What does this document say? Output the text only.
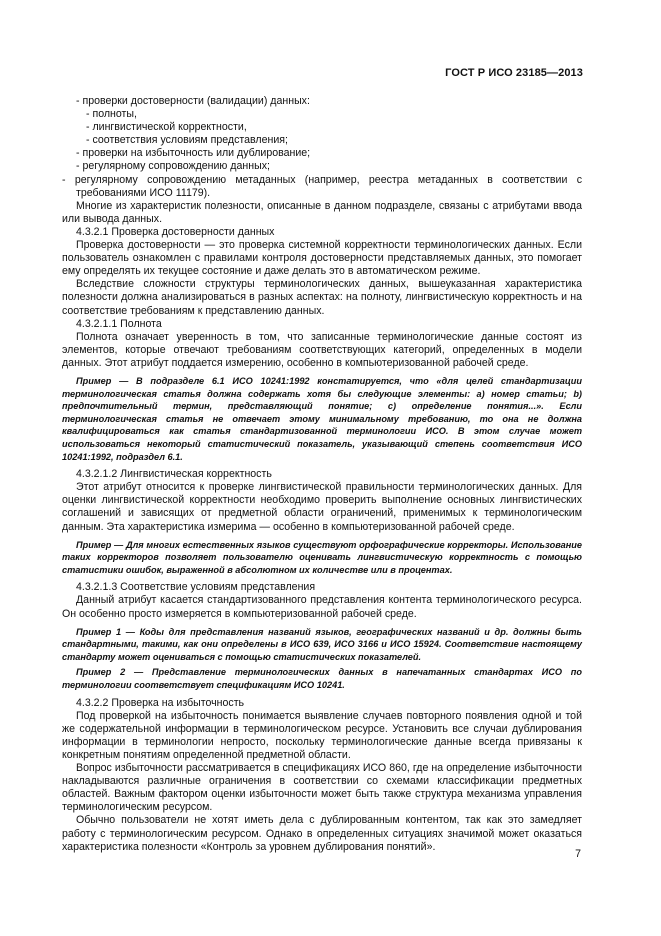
ГОСТ Р ИСО 23185—2013

- проверки достоверности (валидации) данных:

- полноты,

- лингвистической корректности,

- соответствия условиям представления;

- проверки на избыточность или дублирование;

- регулярному сопровождению данных;

- регулярному сопровождению метаданных (например, реестра метаданных в соответствии с требованиями ИСО 11179).

Многие из характеристик полезности, описанные в данном подразделе, связаны с атрибутами ввода или вывода данных.

4.3.2.1 Проверка достоверности данных

Проверка достоверности — это проверка системной корректности терминологических данных. Если пользователь ознакомлен с правилами контроля достоверности представляемых данных, это помогает ему определять их текущее состояние и даже делать это в автоматическом режиме.

Вследствие сложности структуры терминологических данных, вышеуказанная характеристика полезности должна анализироваться в разных аспектах: на полноту, лингвистическую корректность и на соответствие требованиям к представлению данных.

4.3.2.1.1 Полнота

Полнота означает уверенность в том, что записанные терминологические данные состоят из элементов, которые отвечают требованиям соответствующих категорий, определенных в модели данных. Этот атрибут поддается измерению, особенно в компьютеризованной рабочей среде.

Пример — В подразделе 6.1 ИСО 10241:1992 констатируется, что «для целей стандартизации терминологическая статья должна содержать хотя бы следующие элементы: a) номер статьи; b) предпочтительный термин, представляющий понятие; c) определение понятия...». Если терминологическая статья не отвечает этому минимальному требованию, то она не должна квалифицироваться как статья стандартизованной терминологии ИСО. В этом случае может использоваться некоторый статистический показатель, указывающий степень соответствия ИСО 10241:1992, подраздел 6.1.

4.3.2.1.2 Лингвистическая корректность

Этот атрибут относится к проверке лингвистической правильности терминологических данных. Для оценки лингвистической корректности необходимо проверить выполнение основных лингвистических соглашений и зависящих от предметной области ограничений, применимых к терминологическим данным. Эта характеристика измерима — особенно в компьютеризованной рабочей среде.

Пример — Для многих естественных языков существуют орфографические корректоры. Использование таких корректоров позволяет пользователю оценивать лингвистическую корректность с помощью статистики ошибок, выраженной в абсолютном их количестве или в процентах.

4.3.2.1.3 Соответствие условиям представления

Данный атрибут касается стандартизованного представления контента терминологического ресурса. Он особенно просто измеряется в компьютеризованной рабочей среде.

Пример 1 — Коды для представления названий языков, географических названий и др. должны быть стандартными, такими, как они определены в ИСО 639, ИСО 3166 и ИСО 15924. Соответствие настоящему стандарту может оцениваться с помощью статистических показателей.

Пример 2 — Представление терминологических данных в напечатанных стандартах ИСО по терминологии соответствует спецификациям ИСО 10241.

4.3.2.2 Проверка на избыточность

Под проверкой на избыточность понимается выявление случаев повторного появления одной и той же содержательной информации в терминологическом ресурсе. Установить все случаи дублирования информации в терминологии непросто, поскольку терминологические данные всегда привязаны к конкретным понятиям определенной предметной области.

Вопрос избыточности рассматривается в спецификациях ИСО 860, где на определение избыточности накладываются различные ограничения в соответствии со схемами классификации предметных областей. Важным фактором оценки избыточности может быть также структура механизма управления терминологическим ресурсом.

Обычно пользователи не хотят иметь дела с дублированным контентом, так как это замедляет работу с терминологическим ресурсом. Однако в определенных ситуациях значимой может оказаться характеристика полезности «Контроль за уровнем дублирования понятий».

7
